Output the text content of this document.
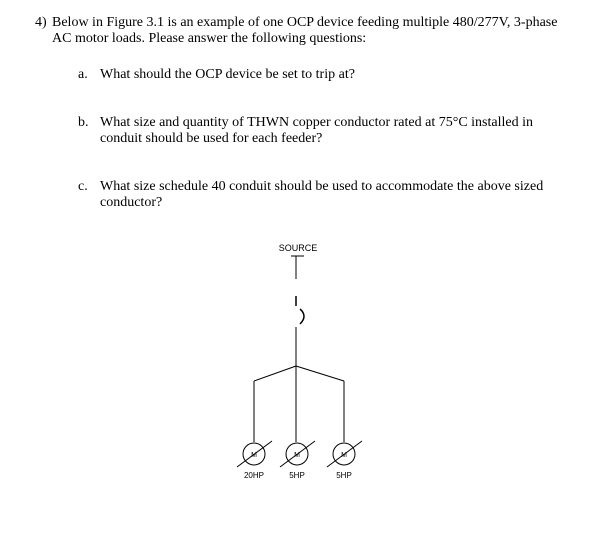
4) Below in Figure 3.1 is an example of one OCP device feeding multiple 480/277V, 3-phase AC motor loads. Please answer the following questions:
a. What should the OCP device be set to trip at?
b. What size and quantity of THWN copper conductor rated at 75°C installed in conduit should be used for each feeder?
c. What size schedule 40 conduit should be used to accommodate the above sized conductor?
SOURCE
M
20HP
M
5HP
M
5HP
